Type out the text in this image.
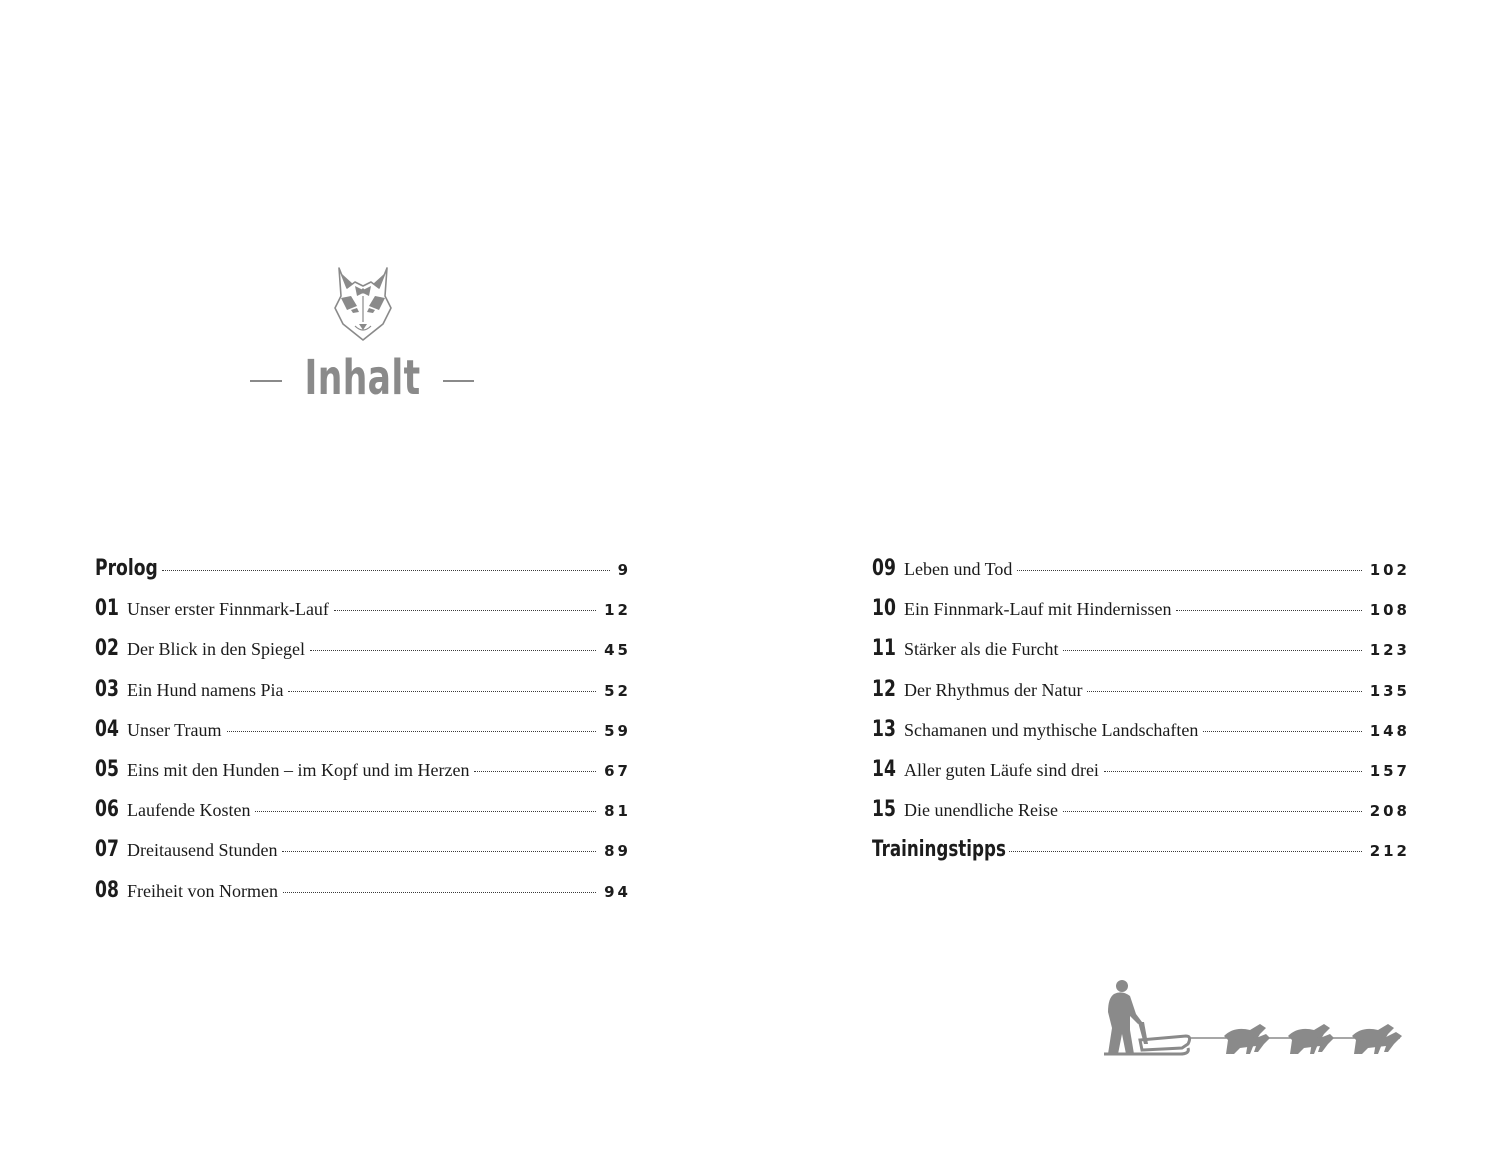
Inhalt
Prolog	9
01 Unser erster Finnmark-Lauf	12
02 Der Blick in den Spiegel	45
03 Ein Hund namens Pia	52
04 Unser Traum	59
05 Eins mit den Hunden – im Kopf und im Herzen	67
06 Laufende Kosten	81
07 Dreitausend Stunden	89
08 Freiheit von Normen	94
09 Leben und Tod	102
10 Ein Finnmark-Lauf mit Hindernissen	108
11 Stärker als die Furcht	123
12 Der Rhythmus der Natur	135
13 Schamanen und mythische Landschaften	148
14 Aller guten Läufe sind drei	157
15 Die unendliche Reise	208
Trainingstipps	212
